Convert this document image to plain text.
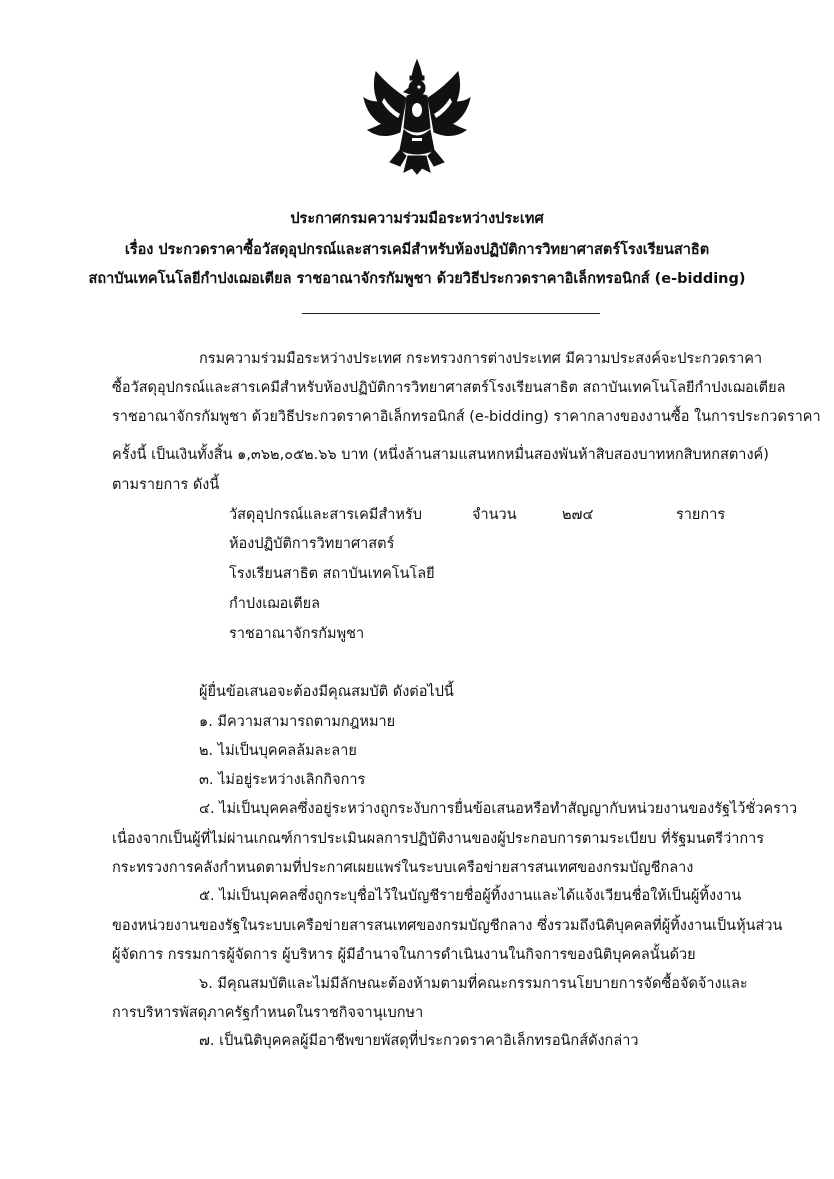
ประกาศกรมความร่วมมือระหว่างประเทศ
เรื่อง ประกวดราคาซื้อวัสดุอุปกรณ์และสารเคมีสำหรับห้องปฏิบัติการวิทยาศาสตร์โรงเรียนสาธิต
สถาบันเทคโนโลยีกำปงเฌอเตียล ราชอาณาจักรกัมพูชา ด้วยวิธีประกวดราคาอิเล็กทรอนิกส์ (e-bidding)
กรมความร่วมมือระหว่างประเทศ กระทรวงการต่างประเทศ มีความประสงค์จะประกวดราคา
ซื้อวัสดุอุปกรณ์และสารเคมีสำหรับห้องปฏิบัติการวิทยาศาสตร์โรงเรียนสาธิต สถาบันเทคโนโลยีกำปงเฌอเตียล
ราชอาณาจักรกัมพูชา ด้วยวิธีประกวดราคาอิเล็กทรอนิกส์ (e-bidding) ราคากลางของงานซื้อ ในการประกวดราคา
ครั้งนี้ เป็นเงินทั้งสิ้น ๑,๓๖๒,๐๕๒.๖๖ บาท (หนึ่งล้านสามแสนหกหมื่นสองพันห้าสิบสองบาทหกสิบหกสตางค์)
ตามรายการ ดังนี้
วัสดุอุปกรณ์และสารเคมีสำหรับ
ห้องปฏิบัติการวิทยาศาสตร์
โรงเรียนสาธิต สถาบันเทคโนโลยี
กำปงเฌอเตียล
ราชอาณาจักรกัมพูชา
จำนวน	๒๗๔	รายการ
ผู้ยื่นข้อเสนอจะต้องมีคุณสมบัติ ดังต่อไปนี้
๑. มีความสามารถตามกฎหมาย
๒. ไม่เป็นบุคคลล้มละลาย
๓. ไม่อยู่ระหว่างเลิกกิจการ
๔. ไม่เป็นบุคคลซึ่งอยู่ระหว่างถูกระงับการยื่นข้อเสนอหรือทำสัญญากับหน่วยงานของรัฐไว้ชั่วคราว
เนื่องจากเป็นผู้ที่ไม่ผ่านเกณฑ์การประเมินผลการปฏิบัติงานของผู้ประกอบการตามระเบียบ ที่รัฐมนตรีว่าการ
กระทรวงการคลังกำหนดตามที่ประกาศเผยแพร่ในระบบเครือข่ายสารสนเทศของกรมบัญชีกลาง
๕. ไม่เป็นบุคคลซึ่งถูกระบุชื่อไว้ในบัญชีรายชื่อผู้ทิ้งงานและได้แจ้งเวียนชื่อให้เป็นผู้ทิ้งงาน
ของหน่วยงานของรัฐในระบบเครือข่ายสารสนเทศของกรมบัญชีกลาง ซึ่งรวมถึงนิติบุคคลที่ผู้ทิ้งงานเป็นหุ้นส่วน
ผู้จัดการ กรรมการผู้จัดการ ผู้บริหาร ผู้มีอำนาจในการดำเนินงานในกิจการของนิติบุคคลนั้นด้วย
๖. มีคุณสมบัติและไม่มีลักษณะต้องห้ามตามที่คณะกรรมการนโยบายการจัดซื้อจัดจ้างและ
การบริหารพัสดุภาครัฐกำหนดในราชกิจจานุเบกษา
๗. เป็นนิติบุคคลผู้มีอาชีพขายพัสดุที่ประกวดราคาอิเล็กทรอนิกส์ดังกล่าว
